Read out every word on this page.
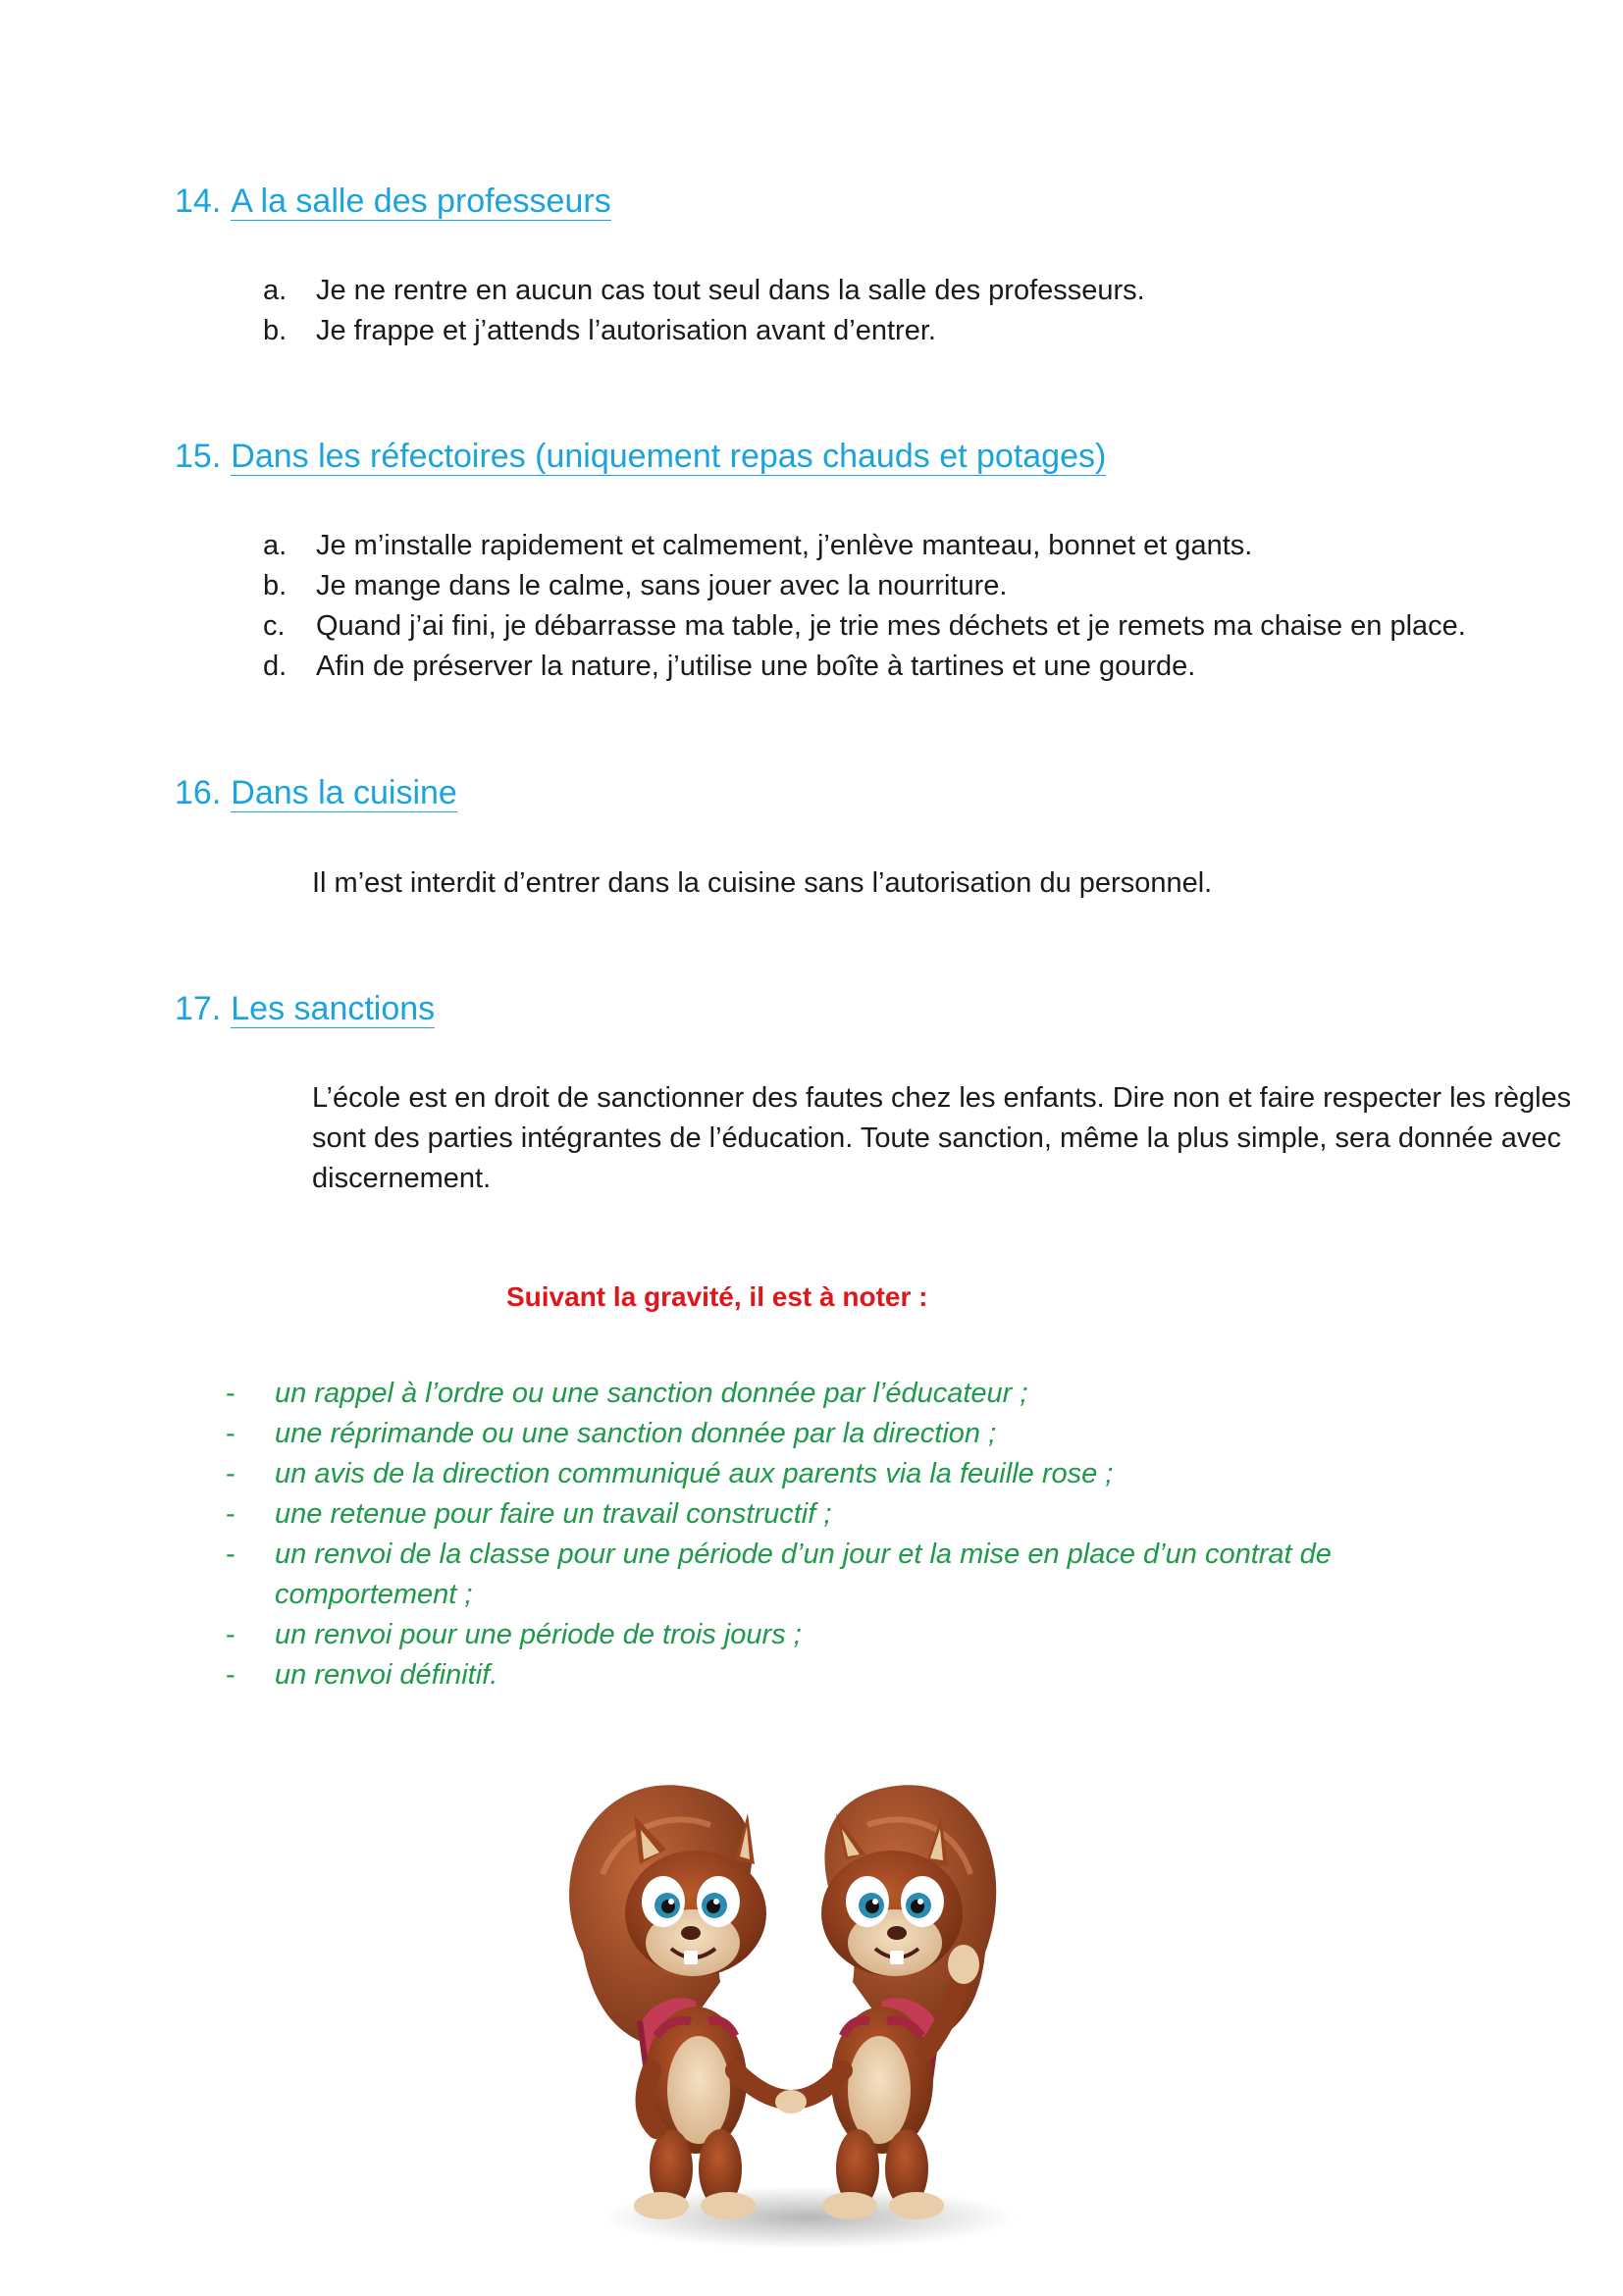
14. A la salle des professeurs
a.	Je ne rentre en aucun cas tout seul dans la salle des professeurs.
b.	Je frappe et j’attends l’autorisation avant d’entrer.
15. Dans les réfectoires (uniquement repas chauds et potages)
a.	Je m’installe rapidement et calmement, j’enlève manteau, bonnet et gants.
b.	Je mange dans le calme, sans jouer avec la nourriture.
c.	Quand j’ai fini, je débarrasse ma table, je trie mes déchets et je remets ma chaise en place.
d.	Afin de préserver la nature, j’utilise une boîte à tartines et une gourde.
16. Dans la cuisine

Il m’est interdit d’entrer dans la cuisine sans l’autorisation du personnel.

17. Les sanctions

L’école est en droit de sanctionner des fautes chez les enfants. Dire non et faire respecter les règles sont des parties intégrantes de l’éducation. Toute sanction, même la plus simple, sera donnée avec discernement.

Suivant la gravité, il est à noter :

- un rappel à l’ordre ou une sanction donnée par l’éducateur ;
- une réprimande ou une sanction donnée par la direction ;
- un avis de la direction communiqué aux parents via la feuille rose ;
- une retenue pour faire un travail constructif ;
- un renvoi de la classe pour une période d’un jour et la mise en place d’un contrat de comportement ;
- un renvoi pour une période de trois jours ;
- un renvoi définitif.
